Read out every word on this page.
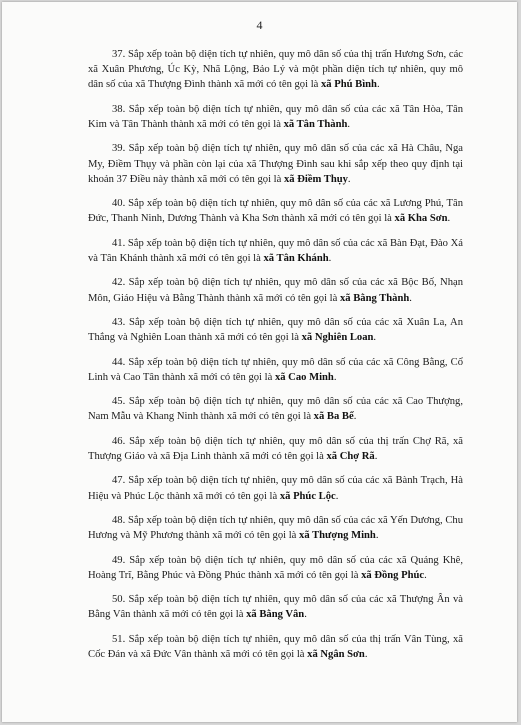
4

37. Sắp xếp toàn bộ diện tích tự nhiên, quy mô dân số của thị trấn Hương Sơn, các xã Xuân Phương, Úc Kỳ, Nhã Lộng, Bảo Lý và một phần diện tích tự nhiên, quy mô dân số của xã Thượng Đình thành xã mới có tên gọi là xã Phú Bình.

38. Sắp xếp toàn bộ diện tích tự nhiên, quy mô dân số của các xã Tân Hòa, Tân Kim và Tân Thành thành xã mới có tên gọi là xã Tân Thành.

39. Sắp xếp toàn bộ diện tích tự nhiên, quy mô dân số của các xã Hà Châu, Nga My, Điềm Thụy và phần còn lại của xã Thượng Đình sau khi sắp xếp theo quy định tại khoản 37 Điều này thành xã mới có tên gọi là xã Điềm Thụy.

40. Sắp xếp toàn bộ diện tích tự nhiên, quy mô dân số của các xã Lương Phú, Tân Đức, Thanh Ninh, Dương Thành và Kha Sơn thành xã mới có tên gọi là xã Kha Sơn.

41. Sắp xếp toàn bộ diện tích tự nhiên, quy mô dân số của các xã Bàn Đạt, Đào Xá và Tân Khánh thành xã mới có tên gọi là xã Tân Khánh.

42. Sắp xếp toàn bộ diện tích tự nhiên, quy mô dân số của các xã Bộc Bố, Nhạn Môn, Giáo Hiệu và Bằng Thành thành xã mới có tên gọi là xã Bằng Thành.

43. Sắp xếp toàn bộ diện tích tự nhiên, quy mô dân số của các xã Xuân La, An Thắng và Nghiên Loan thành xã mới có tên gọi là xã Nghiên Loan.

44. Sắp xếp toàn bộ diện tích tự nhiên, quy mô dân số của các xã Công Bằng, Cổ Linh và Cao Tân thành xã mới có tên gọi là xã Cao Minh.

45. Sắp xếp toàn bộ diện tích tự nhiên, quy mô dân số của các xã Cao Thượng, Nam Mẫu và Khang Ninh thành xã mới có tên gọi là xã Ba Bể.

46. Sắp xếp toàn bộ diện tích tự nhiên, quy mô dân số của thị trấn Chợ Rã, xã Thượng Giáo và xã Địa Linh thành xã mới có tên gọi là xã Chợ Rã.

47. Sắp xếp toàn bộ diện tích tự nhiên, quy mô dân số của các xã Bành Trạch, Hà Hiệu và Phúc Lộc thành xã mới có tên gọi là xã Phúc Lộc.

48. Sắp xếp toàn bộ diện tích tự nhiên, quy mô dân số của các xã Yến Dương, Chu Hương và Mỹ Phương thành xã mới có tên gọi là xã Thượng Minh.

49. Sắp xếp toàn bộ diện tích tự nhiên, quy mô dân số của các xã Quảng Khê, Hoàng Trĩ, Bằng Phúc và Đồng Phúc thành xã mới có tên gọi là xã Đồng Phúc.

50. Sắp xếp toàn bộ diện tích tự nhiên, quy mô dân số của các xã Thượng Ân và Bằng Vân thành xã mới có tên gọi là xã Bằng Vân.

51. Sắp xếp toàn bộ diện tích tự nhiên, quy mô dân số của thị trấn Vân Tùng, xã Cốc Đán và xã Đức Vân thành xã mới có tên gọi là xã Ngân Sơn.
